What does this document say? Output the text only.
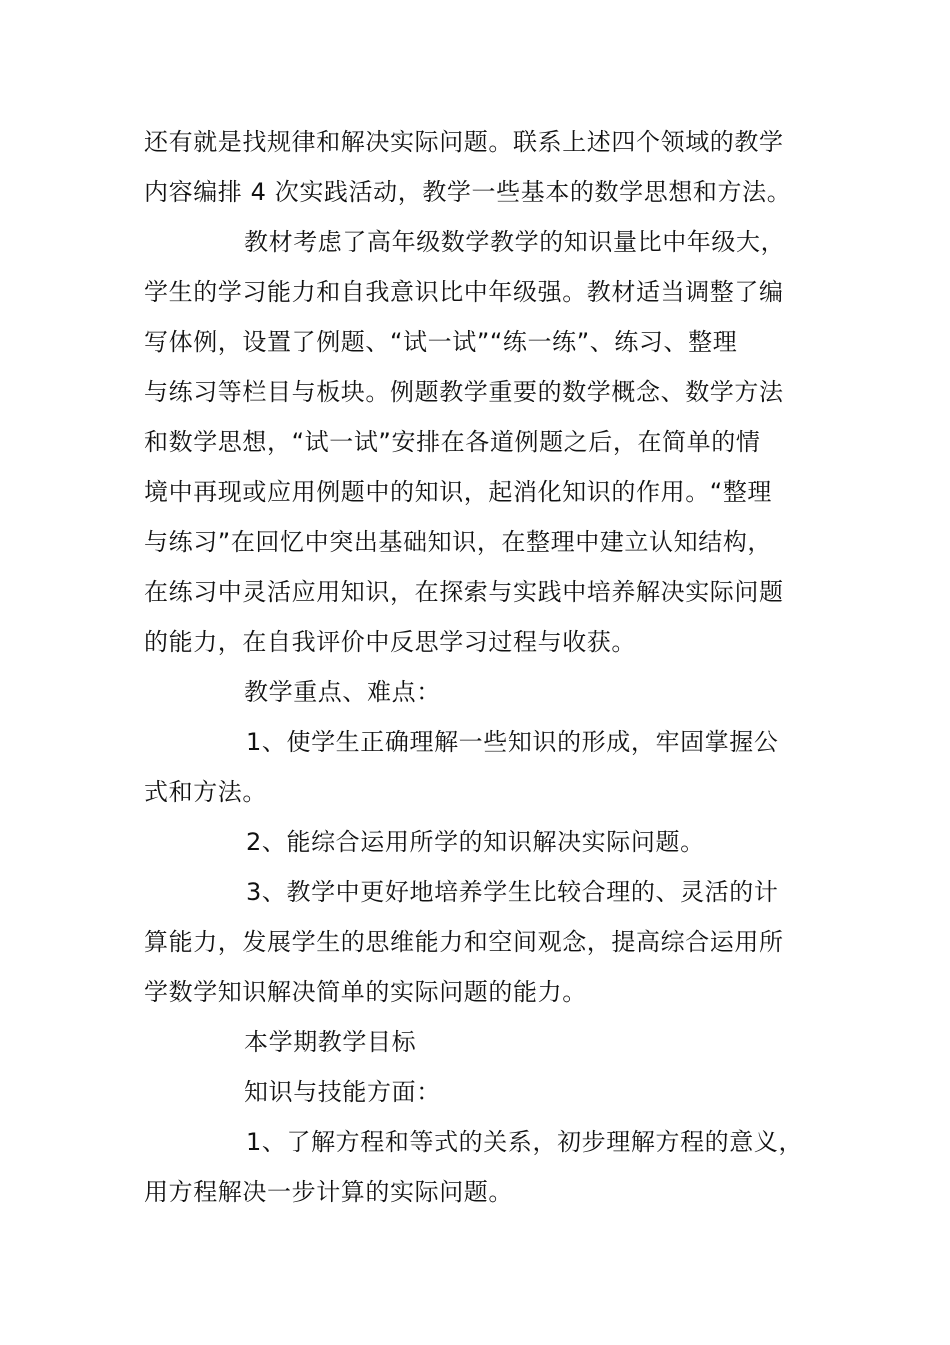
还有就是找规律和解决实际问题。联系上述四个领域的教学
内容编排 4 次实践活动，教学一些基本的数学思想和方法。
教材考虑了高年级数学教学的知识量比中年级大，
学生的学习能力和自我意识比中年级强。教材适当调整了编
写体例，设置了例题、“试一试”“练一练”、练习、整理
与练习等栏目与板块。例题教学重要的数学概念、数学方法
和数学思想，“试一试”安排在各道例题之后，在简单的情
境中再现或应用例题中的知识，起消化知识的作用。“整理
与练习”在回忆中突出基础知识，在整理中建立认知结构，
在练习中灵活应用知识，在探索与实践中培养解决实际问题
的能力，在自我评价中反思学习过程与收获。
教学重点、难点：
1、使学生正确理解一些知识的形成，牢固掌握公
式和方法。
2、能综合运用所学的知识解决实际问题。
3、教学中更好地培养学生比较合理的、灵活的计
算能力，发展学生的思维能力和空间观念，提高综合运用所
学数学知识解决简单的实际问题的能力。
本学期教学目标
知识与技能方面：
1、了解方程和等式的关系，初步理解方程的意义，
用方程解决一步计算的实际问题。
